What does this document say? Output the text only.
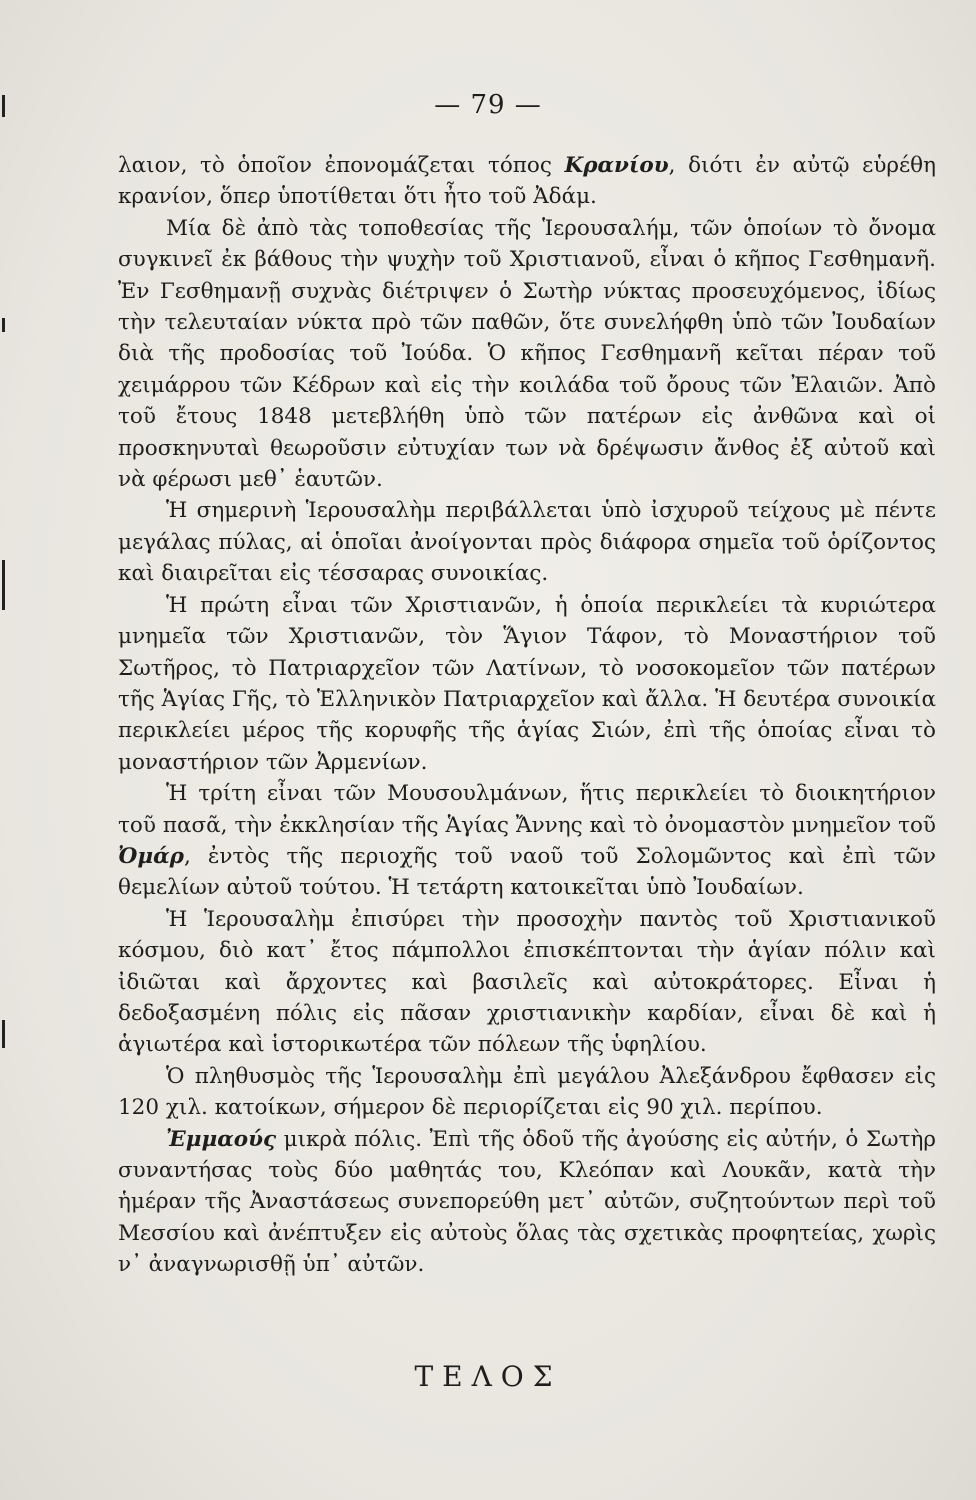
— 79 —

λαιον, τὸ ὁποῖον ἐπονομάζεται τόπος Κρανίου, διότι ἐν αὐτῷ εὑρέθη κρανίον, ὅπερ ὑποτίθεται ὅτι ἦτο τοῦ Ἀδάμ.

Μία δὲ ἀπὸ τὰς τοποθεσίας τῆς Ἱερουσαλήμ, τῶν ὁποίων τὸ ὄνομα συγκινεῖ ἐκ βάθους τὴν ψυχὴν τοῦ Χριστιανοῦ, εἶναι ὁ κῆπος Γεσθημανῆ. Ἐν Γεσθημανῇ συχνὰς διέτριψεν ὁ Σωτὴρ νύκτας προσευχόμενος, ἰδίως τὴν τελευταίαν νύκτα πρὸ τῶν παθῶν, ὅτε συνελήφθη ὑπὸ τῶν Ἰουδαίων διὰ τῆς προδοσίας τοῦ Ἰούδα. Ὁ κῆπος Γεσθημανῆ κεῖται πέραν τοῦ χειμάρρου τῶν Κέδρων καὶ εἰς τὴν κοιλάδα τοῦ ὄρους τῶν Ἐλαιῶν. Ἀπὸ τοῦ ἔτους 1848 μετεβλήθη ὑπὸ τῶν πατέρων εἰς ἀνθῶνα καὶ οἱ προσκηνυταὶ θεωροῦσιν εὐτυχίαν των νὰ δρέψωσιν ἄνθος ἐξ αὐτοῦ καὶ νὰ φέρωσι μεθ᾿ ἑαυτῶν.

Ἡ σημερινὴ Ἱερουσαλὴμ περιβάλλεται ὑπὸ ἰσχυροῦ τείχους μὲ πέντε μεγάλας πύλας, αἱ ὁποῖαι ἀνοίγονται πρὸς διάφορα σημεῖα τοῦ ὁρίζοντος καὶ διαιρεῖται εἰς τέσσαρας συνοικίας.

Ἡ πρώτη εἶναι τῶν Χριστιανῶν, ἡ ὁποία περικλείει τὰ κυριώτερα μνημεῖα τῶν Χριστιανῶν, τὸν Ἅγιον Τάφον, τὸ Μοναστήριον τοῦ Σωτῆρος, τὸ Πατριαρχεῖον τῶν Λατίνων, τὸ νοσοκομεῖον τῶν πατέρων τῆς Ἁγίας Γῆς, τὸ Ἑλληνικὸν Πατριαρχεῖον καὶ ἄλλα. Ἡ δευτέρα συνοικία περικλείει μέρος τῆς κορυφῆς τῆς ἁγίας Σιών, ἐπὶ τῆς ὁποίας εἶναι τὸ μοναστήριον τῶν Ἀρμενίων.

Ἡ τρίτη εἶναι τῶν Μουσουλμάνων, ἥτις περικλείει τὸ διοικητήριον τοῦ πασᾶ, τὴν ἐκκλησίαν τῆς Ἁγίας Ἄννης καὶ τὸ ὀνομαστὸν μνημεῖον τοῦ Ὀμάρ, ἐντὸς τῆς περιοχῆς τοῦ ναοῦ τοῦ Σολομῶντος καὶ ἐπὶ τῶν θεμελίων αὐτοῦ τούτου. Ἡ τετάρτη κατοικεῖται ὑπὸ Ἰουδαίων.

Ἡ Ἱερουσαλὴμ ἐπισύρει τὴν προσοχὴν παντὸς τοῦ Χριστιανικοῦ κόσμου, διὸ κατ᾿ ἔτος πάμπολλοι ἐπισκέπτονται τὴν ἁγίαν πόλιν καὶ ἰδιῶται καὶ ἄρχοντες καὶ βασιλεῖς καὶ αὐτοκράτορες. Εἶναι ἡ δεδοξασμένη πόλις εἰς πᾶσαν χριστιανικὴν καρδίαν, εἶναι δὲ καὶ ἡ ἁγιωτέρα καὶ ἱστορικωτέρα τῶν πόλεων τῆς ὑφηλίου.

Ὁ πληθυσμὸς τῆς Ἱερουσαλὴμ ἐπὶ μεγάλου Ἀλεξάνδρου ἔφθασεν εἰς 120 χιλ. κατοίκων, σήμερον δὲ περιορίζεται εἰς 90 χιλ. περίπου.

Ἐμμαούς μικρὰ πόλις. Ἐπὶ τῆς ὁδοῦ τῆς ἀγούσης εἰς αὐτήν, ὁ Σωτὴρ συναντήσας τοὺς δύο μαθητάς του, Κλεόπαν καὶ Λουκᾶν, κατὰ τὴν ἡμέραν τῆς Ἀναστάσεως συνεπορεύθη μετ᾿ αὐτῶν, συζητούντων περὶ τοῦ Μεσσίου καὶ ἀνέπτυξεν εἰς αὐτοὺς ὅλας τὰς σχετικὰς προφητείας, χωρὶς ν᾿ ἀναγνωρισθῇ ὑπ᾿ αὐτῶν.

ΤΕΛΟΣ
